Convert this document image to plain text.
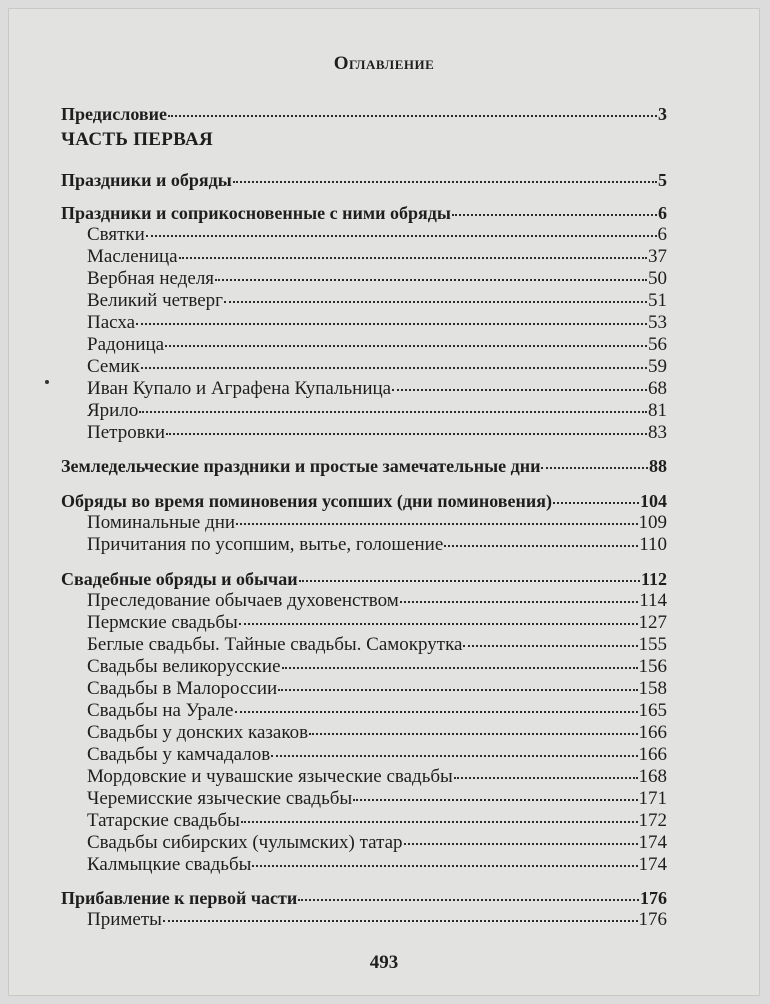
Оглавление
Предисловие	3
ЧАСТЬ ПЕРВАЯ
Праздники и обряды	5
Праздники и соприкосновенные с ними обряды	6
Святки	6
Масленица	37
Вербная неделя	50
Великий четверг	51
Пасха	53
Радоница	56
Семик	59
Иван Купало и Аграфена Купальница	68
Ярило	81
Петровки	83
Земледельческие праздники и простые замечательные дни	88
Обряды во время поминовения усопших (дни поминовения)	104
Поминальные дни	109
Причитания по усопшим, вытье, голошение	110
Свадебные обряды и обычаи	112
Преследование обычаев духовенством	114
Пермские свадьбы	127
Беглые свадьбы. Тайные свадьбы. Самокрутка	155
Свадьбы великорусские	156
Свадьбы в Малороссии	158
Свадьбы на Урале	165
Свадьбы у донских казаков	166
Свадьбы у камчадалов	166
Мордовские и чувашские языческие свадьбы	168
Черемисские языческие свадьбы	171
Татарские свадьбы	172
Свадьбы сибирских (чулымских) татар	174
Калмыцкие свадьбы	174
Прибавление к первой части	176
Приметы	176
493
